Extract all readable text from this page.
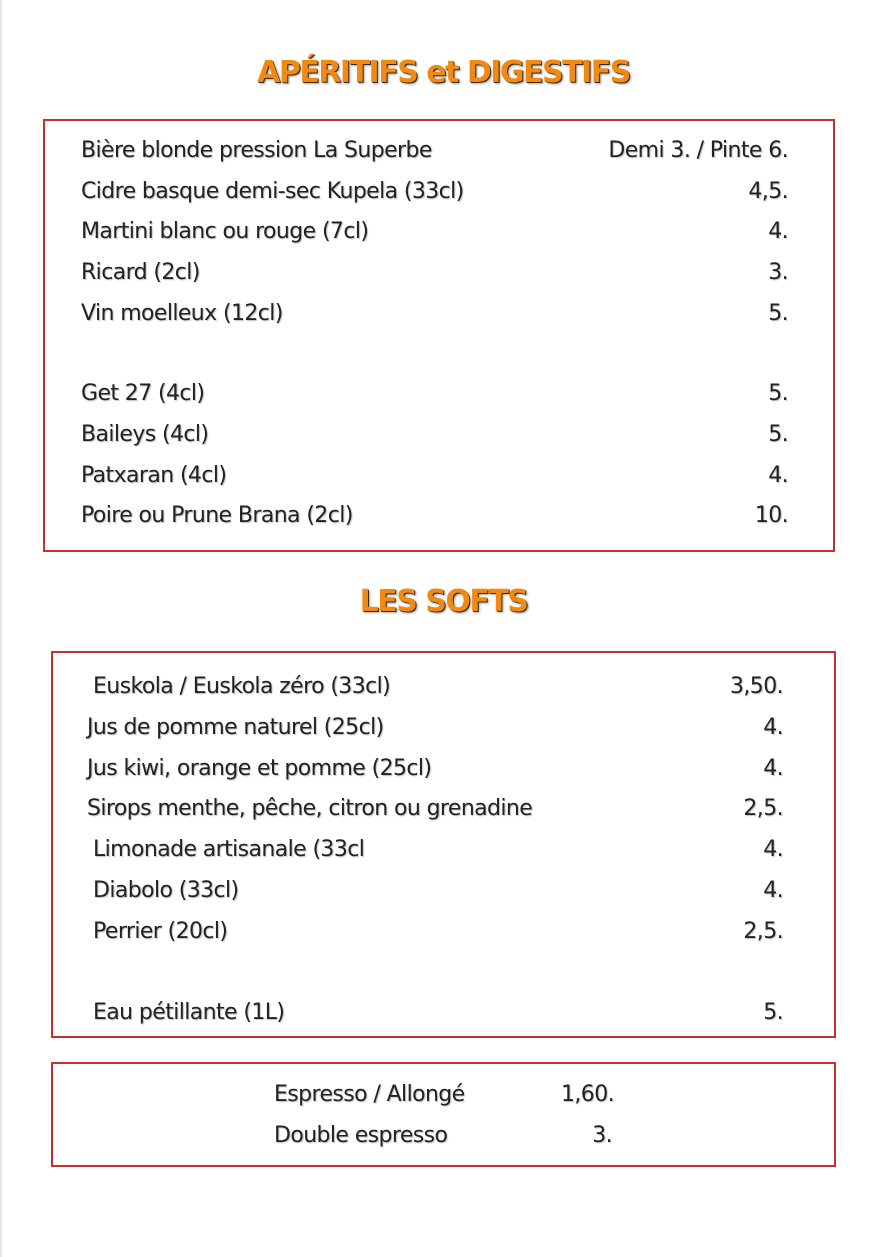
APÉRITIFS et DIGESTIFS
Bière blonde pression La Superbe	Demi 3. / Pinte 6.
Cidre basque demi-sec Kupela (33cl)	4,5.
Martini blanc ou rouge (7cl)	4.
Ricard (2cl)	3.
Vin moelleux (12cl)	5.
Get 27 (4cl)	5.
Baileys (4cl)	5.
Patxaran (4cl)	4.
Poire ou Prune Brana (2cl)	10.
LES SOFTS
Euskola / Euskola zéro (33cl)	3,50.
Jus de pomme naturel (25cl)	4.
Jus kiwi, orange et pomme (25cl)	4.
Sirops menthe, pêche, citron ou grenadine	2,5.
Limonade artisanale (33cl	4.
Diabolo (33cl)	4.
Perrier (20cl)	2,5.
Eau pétillante (1L)	5.
Espresso / Allongé	1,60.
Double espresso	3.
